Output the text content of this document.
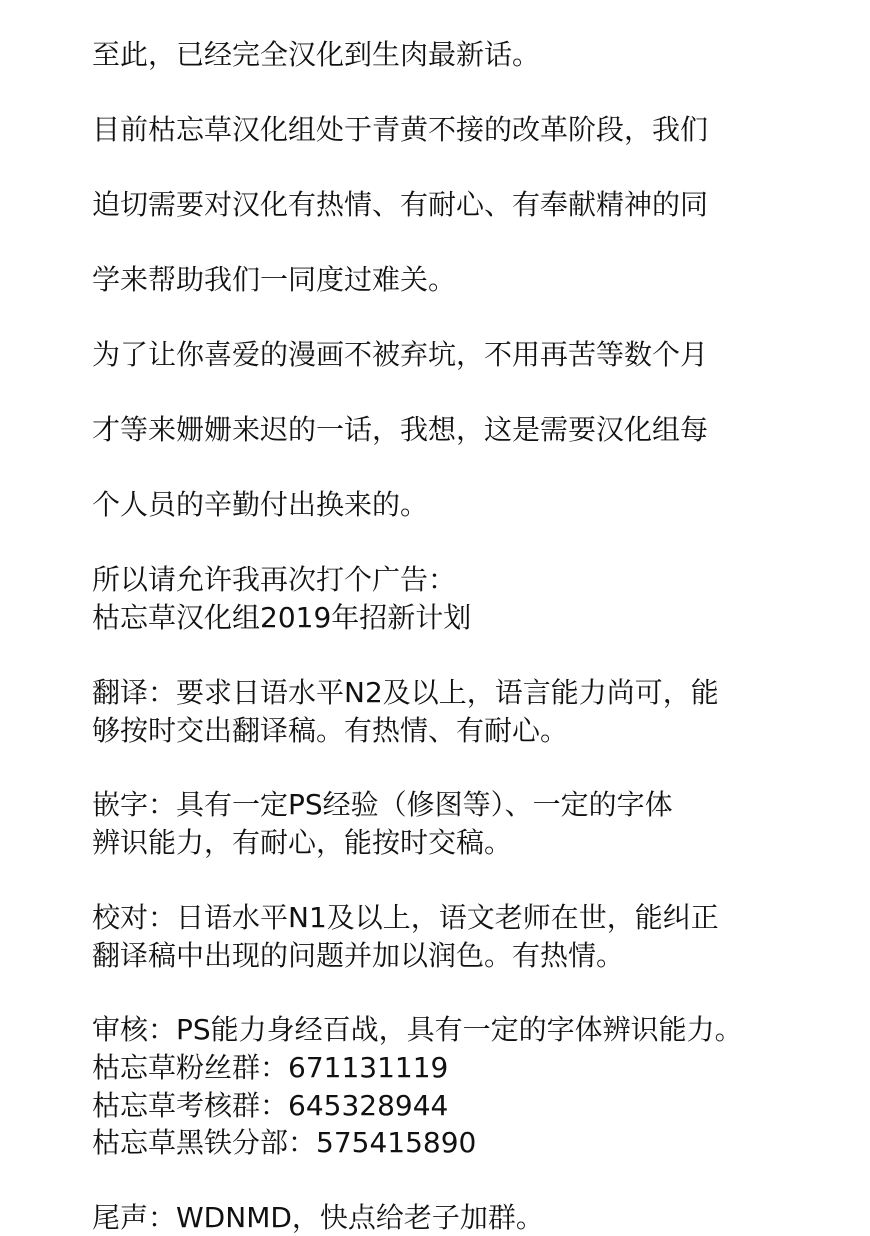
至此，已经完全汉化到生肉最新话。
目前枯忘草汉化组处于青黄不接的改革阶段，我们
迫切需要对汉化有热情、有耐心、有奉献精神的同
学来帮助我们一同度过难关。
为了让你喜爱的漫画不被弃坑，不用再苦等数个月
才等来姗姗来迟的一话，我想，这是需要汉化组每
个人员的辛勤付出换来的。
所以请允许我再次打个广告：
枯忘草汉化组2019年招新计划
翻译：要求日语水平N2及以上，语言能力尚可，能
够按时交出翻译稿。有热情、有耐心。
嵌字：具有一定PS经验（修图等）、一定的字体
辨识能力，有耐心，能按时交稿。
校对：日语水平N1及以上，语文老师在世，能纠正
翻译稿中出现的问题并加以润色。有热情。
审核：PS能力身经百战，具有一定的字体辨识能力。
枯忘草粉丝群：671131119
枯忘草考核群：645328944
枯忘草黑铁分部：575415890
尾声：WDNMD，快点给老子加群。
